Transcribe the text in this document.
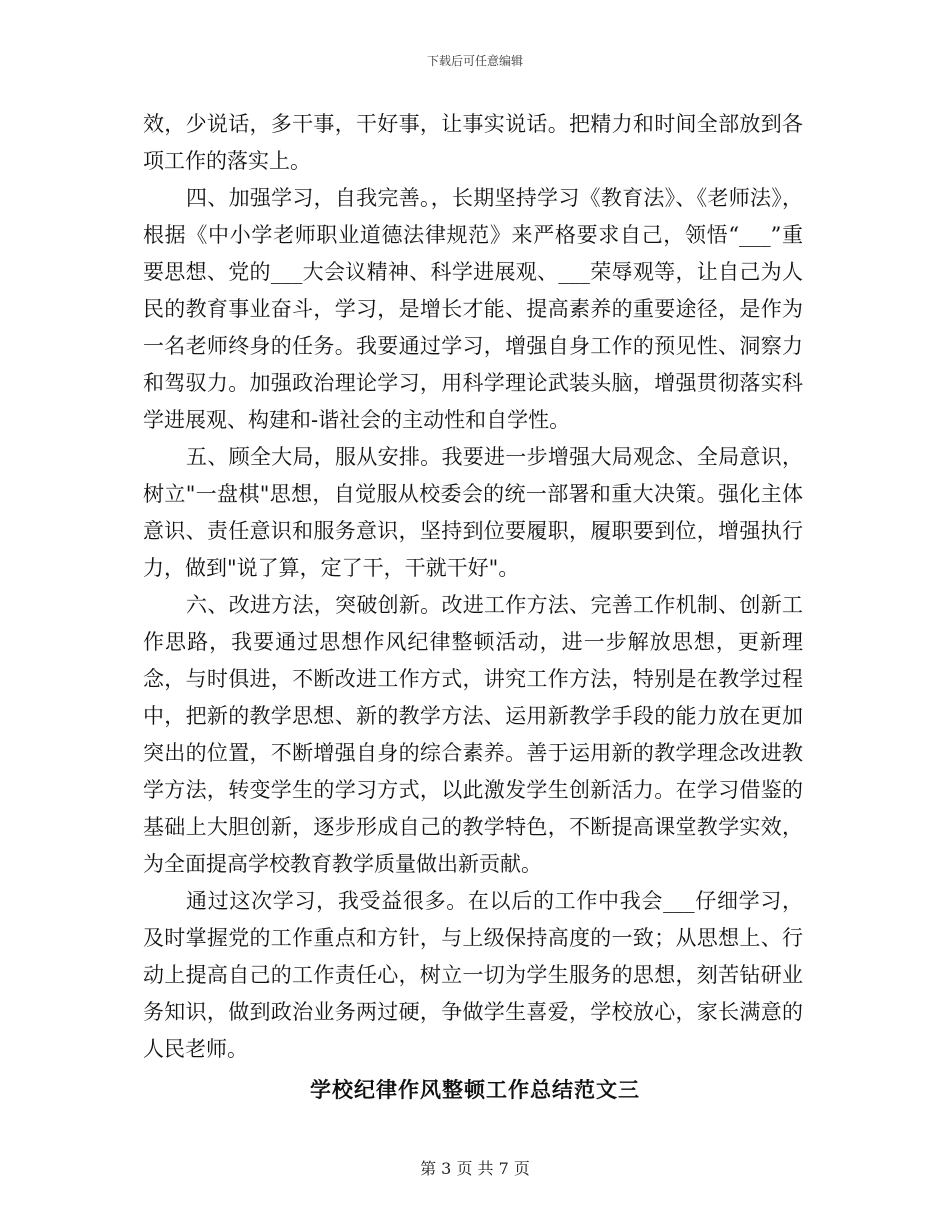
下载后可任意编辑

效，少说话，多干事，干好事，让事实说话。把精力和时间全部放到各项工作的落实上。

四、加强学习，自我完善。，长期坚持学习《教育法》、《老师法》，根据《中小学老师职业道德法律规范》来严格要求自己，领悟“___”重要思想、党的___大会议精神、科学进展观、___荣辱观等，让自己为人民的教育事业奋斗，学习，是增长才能、提高素养的重要途径，是作为一名老师终身的任务。我要通过学习，增强自身工作的预见性、洞察力和驾驭力。加强政治理论学习，用科学理论武装头脑，增强贯彻落实科学进展观、构建和-谐社会的主动性和自学性。

五、顾全大局，服从安排。我要进一步增强大局观念、全局意识，树立"一盘棋"思想，自觉服从校委会的统一部署和重大决策。强化主体意识、责任意识和服务意识，坚持到位要履职，履职要到位，增强执行力，做到"说了算，定了干，干就干好"。

六、改进方法，突破创新。改进工作方法、完善工作机制、创新工作思路，我要通过思想作风纪律整顿活动，进一步解放思想，更新理念，与时俱进，不断改进工作方式，讲究工作方法，特别是在教学过程中，把新的教学思想、新的教学方法、运用新教学手段的能力放在更加突出的位置，不断增强自身的综合素养。善于运用新的教学理念改进教学方法，转变学生的学习方式，以此激发学生创新活力。在学习借鉴的基础上大胆创新，逐步形成自己的教学特色，不断提高课堂教学实效，为全面提高学校教育教学质量做出新贡献。

通过这次学习，我受益很多。在以后的工作中我会___仔细学习，及时掌握党的工作重点和方针，与上级保持高度的一致；从思想上、行动上提高自己的工作责任心，树立一切为学生服务的思想，刻苦钻研业务知识，做到政治业务两过硬，争做学生喜爱，学校放心，家长满意的人民老师。

学校纪律作风整顿工作总结范文三
第 3 页 共 7 页
